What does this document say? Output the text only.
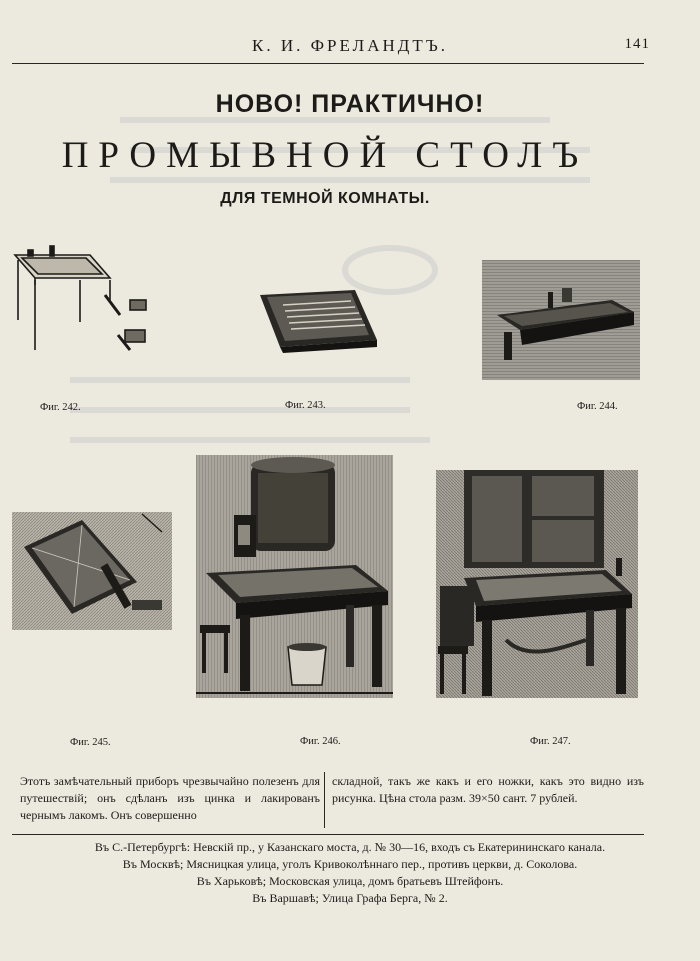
К. И. ФРЕЛАНДТЪ.	141
НОВО! ПРАКТИЧНО!
ПРОМЫВНОЙ СТОЛЪ
ДЛЯ ТЕМНОЙ КОМНАТЫ.
Фиг. 242.	Фиг. 243.	Фиг. 244.
Фиг. 245.	Фиг. 246.	Фиг. 247.
Этотъ замѣчательный приборъ чрезвычайно полезенъ для путешествій; онъ сдѣланъ изъ цинка и лакированъ чернымъ лакомъ. Онъ совершенно
складной, такъ же какъ и его ножки, какъ это видно изъ рисунка. Цѣна стола разм. 39×50 сант. 7 рублей.
Въ С.-Петербургѣ: Невскій пр., у Казанскаго моста, д. № 30—16, входъ съ Екатерининскаго канала.
Въ Москвѣ; Мясницкая улица, уголъ Кривоколѣннаго пер., противъ церкви, д. Соколова.
Въ Харьковѣ; Московская улица, домъ братьевъ Штейфонъ.
Въ Варшавѣ; Улица Графа Берга, № 2.
